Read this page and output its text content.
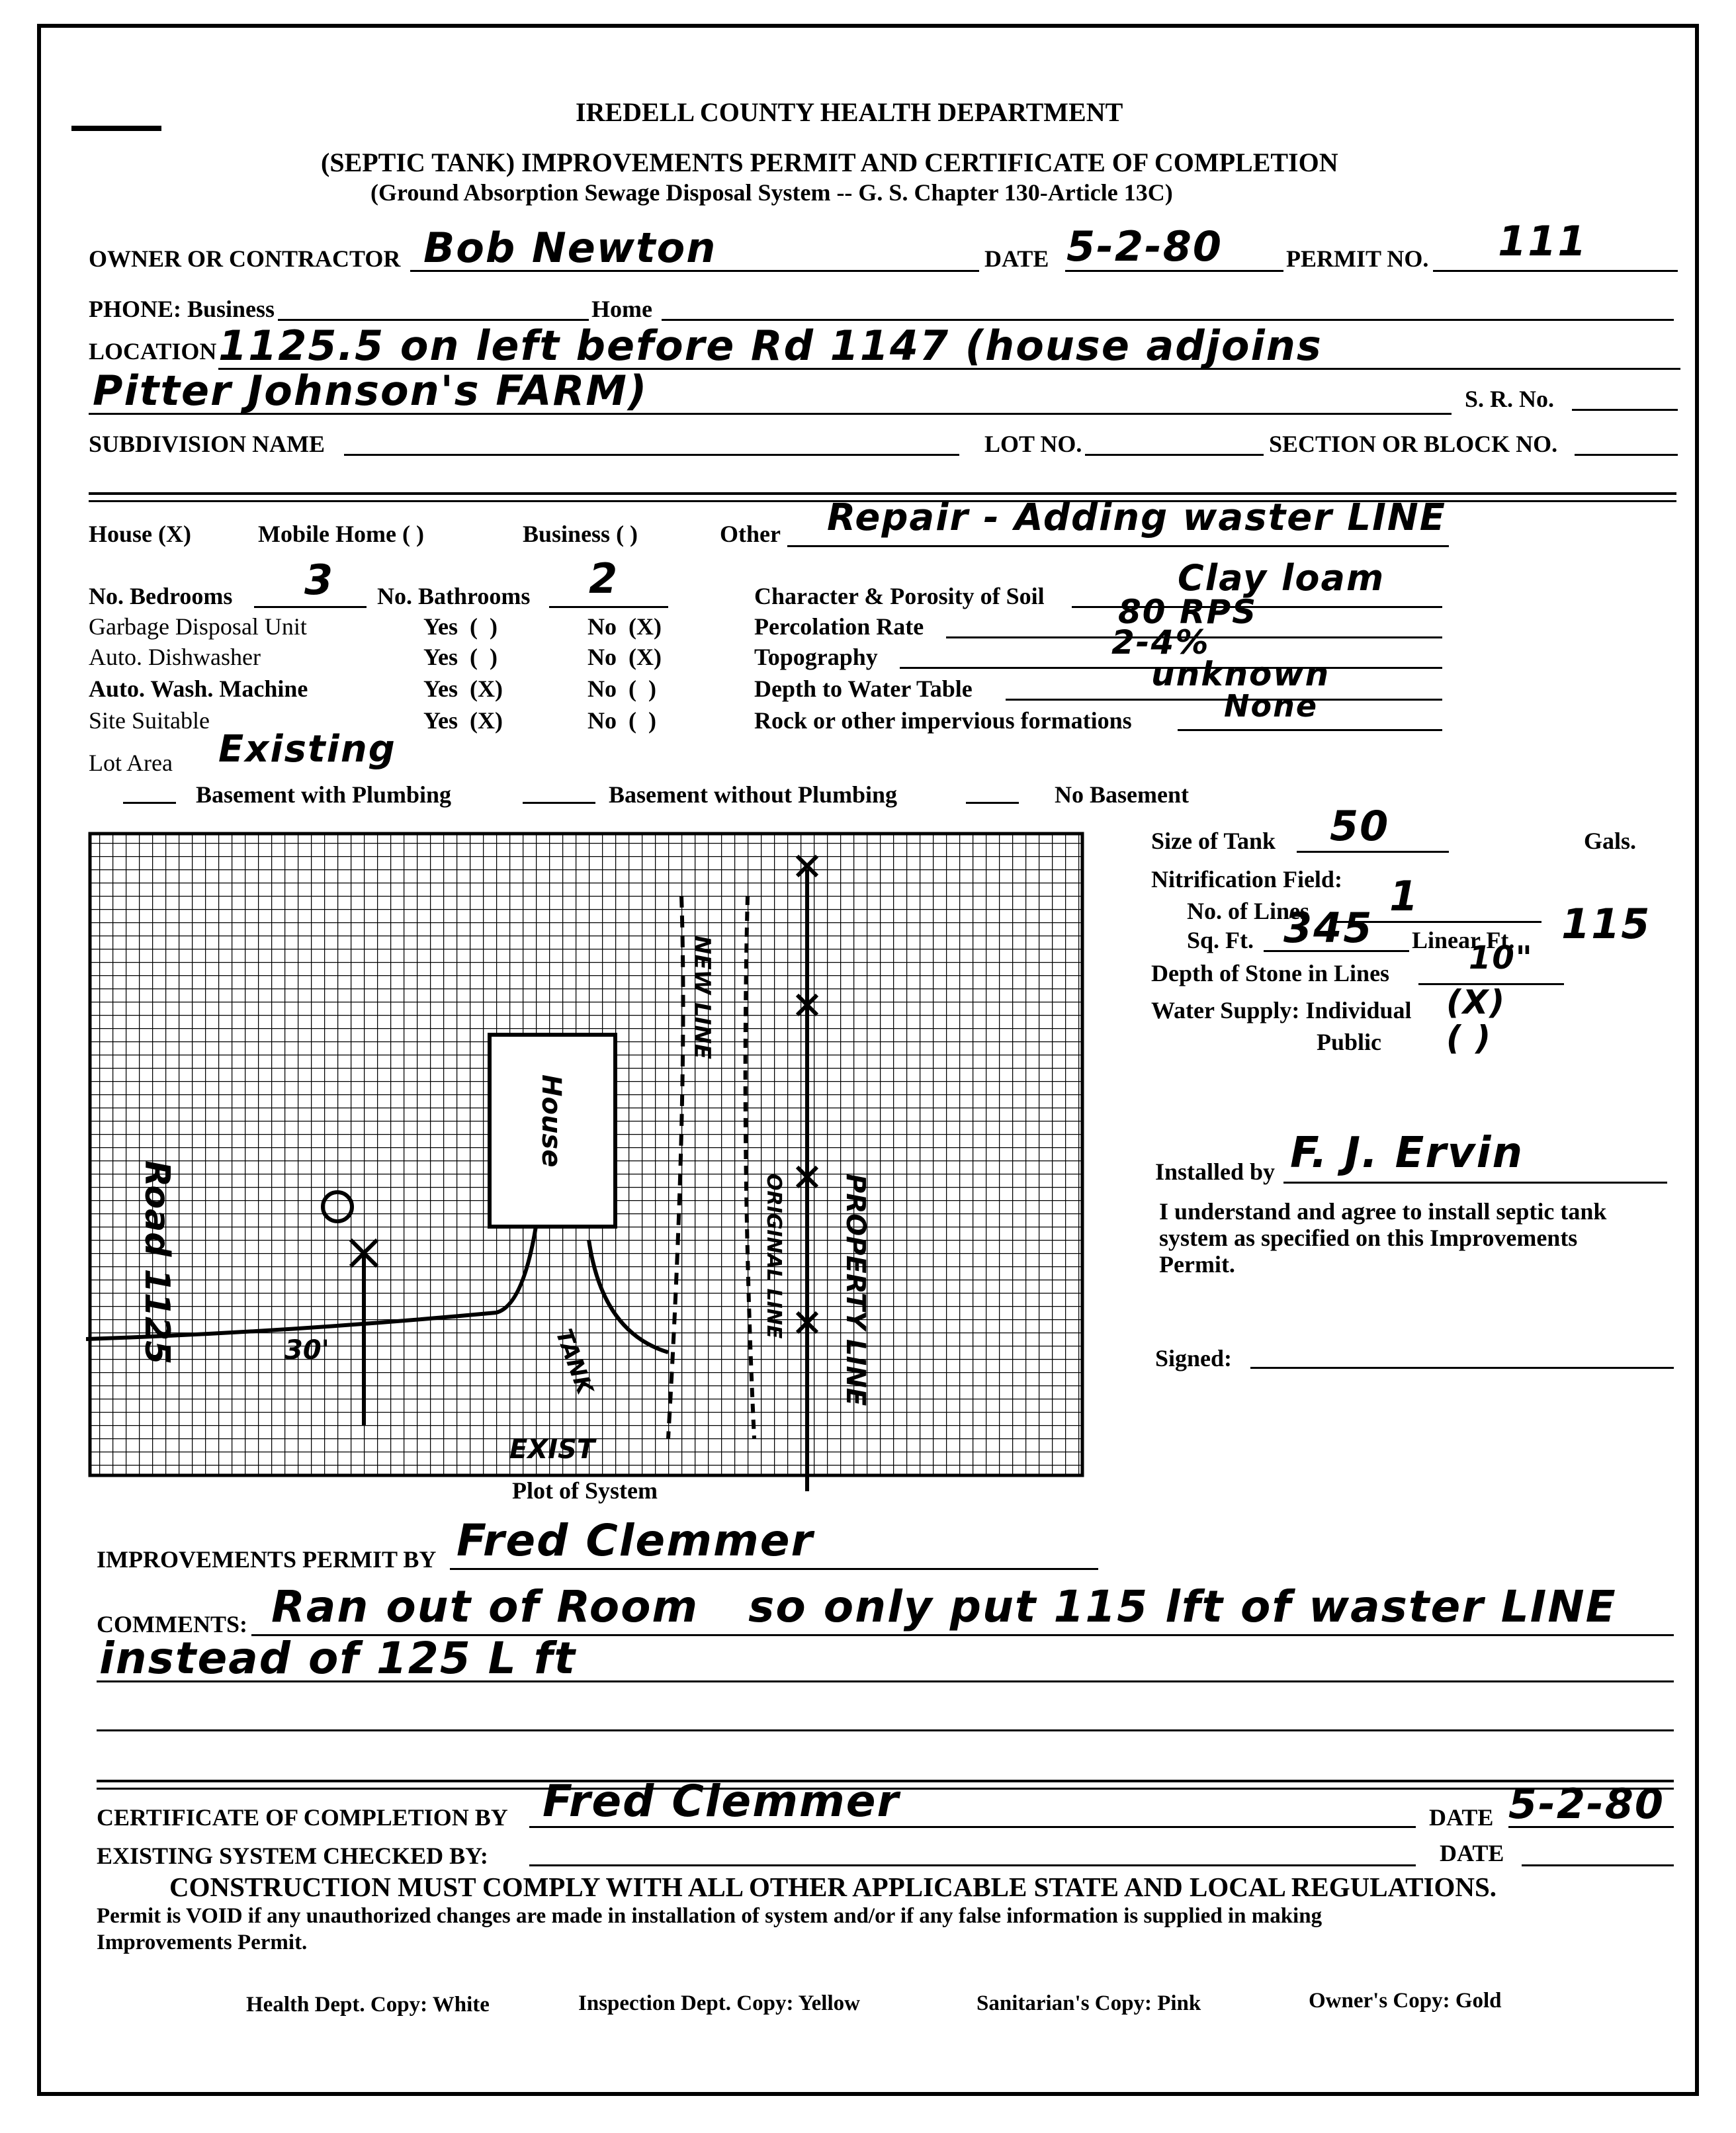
IREDELL COUNTY HEALTH DEPARTMENT
(SEPTIC TANK) IMPROVEMENTS PERMIT AND CERTIFICATE OF COMPLETION
(Ground Absorption Sewage Disposal System -- G. S. Chapter 130-Article 13C)
OWNER OR CONTRACTOR Bob Newton	DATE 5-2-80	PERMIT NO. 111
PHONE: Business	Home
LOCATION 1125.5 on left before Rd 1147 (house adjoins
Pitter Johnson's FARM)	S. R. No.
SUBDIVISION NAME	LOT NO.	SECTION OR BLOCK NO.
House (X)	Mobile Home ( )	Business ( )	Other Repair - Adding waster LINE
No. Bedrooms 3 No. Bathrooms 2
Garbage Disposal Unit	Yes  (  )	No  (X)
Auto. Dishwasher	Yes  (  )	No  (X)
Auto. Wash. Machine	Yes  (X)	No  (  )
Site Suitable	Yes  (X)	No  (  )
Character & Porosity of Soil	Clay loam
Percolation Rate	80 RPS
Topography	2-4%
Depth to Water Table	unknown
Rock or other impervious formations	None
Lot Area Existing
Basement with Plumbing	Basement without Plumbing	No Basement
Road 1125
House
PROPERTY LINE
NEW LINE
ORIGINAL LINE
EXIST
TANK
30'
Plot of System
Size of Tank 50	Gals.
Nitrification Field:
No. of Lines 1
Sq. Ft. 345 Linear Ft. 115
Depth of Stone in Lines 10"
Water Supply: Individual (X)
Public ( )
Installed by F. J. Ervin
I understand and agree to install septic tank
system as specified on this Improvements
Permit.
Signed:
IMPROVEMENTS PERMIT BY Fred Clemmer
COMMENTS: Ran out of Room   so only put 115 lft of waster LINE
instead of 125 L ft
CERTIFICATE OF COMPLETION BY Fred Clemmer	DATE 5-2-80
EXISTING SYSTEM CHECKED BY:	DATE
CONSTRUCTION MUST COMPLY WITH ALL OTHER APPLICABLE STATE AND LOCAL REGULATIONS.
Permit is VOID if any unauthorized changes are made in installation of system and/or if any false information is supplied in making
Improvements Permit.
Health Dept. Copy: White	Inspection Dept. Copy: Yellow	Sanitarian's Copy: Pink	Owner's Copy: Gold
